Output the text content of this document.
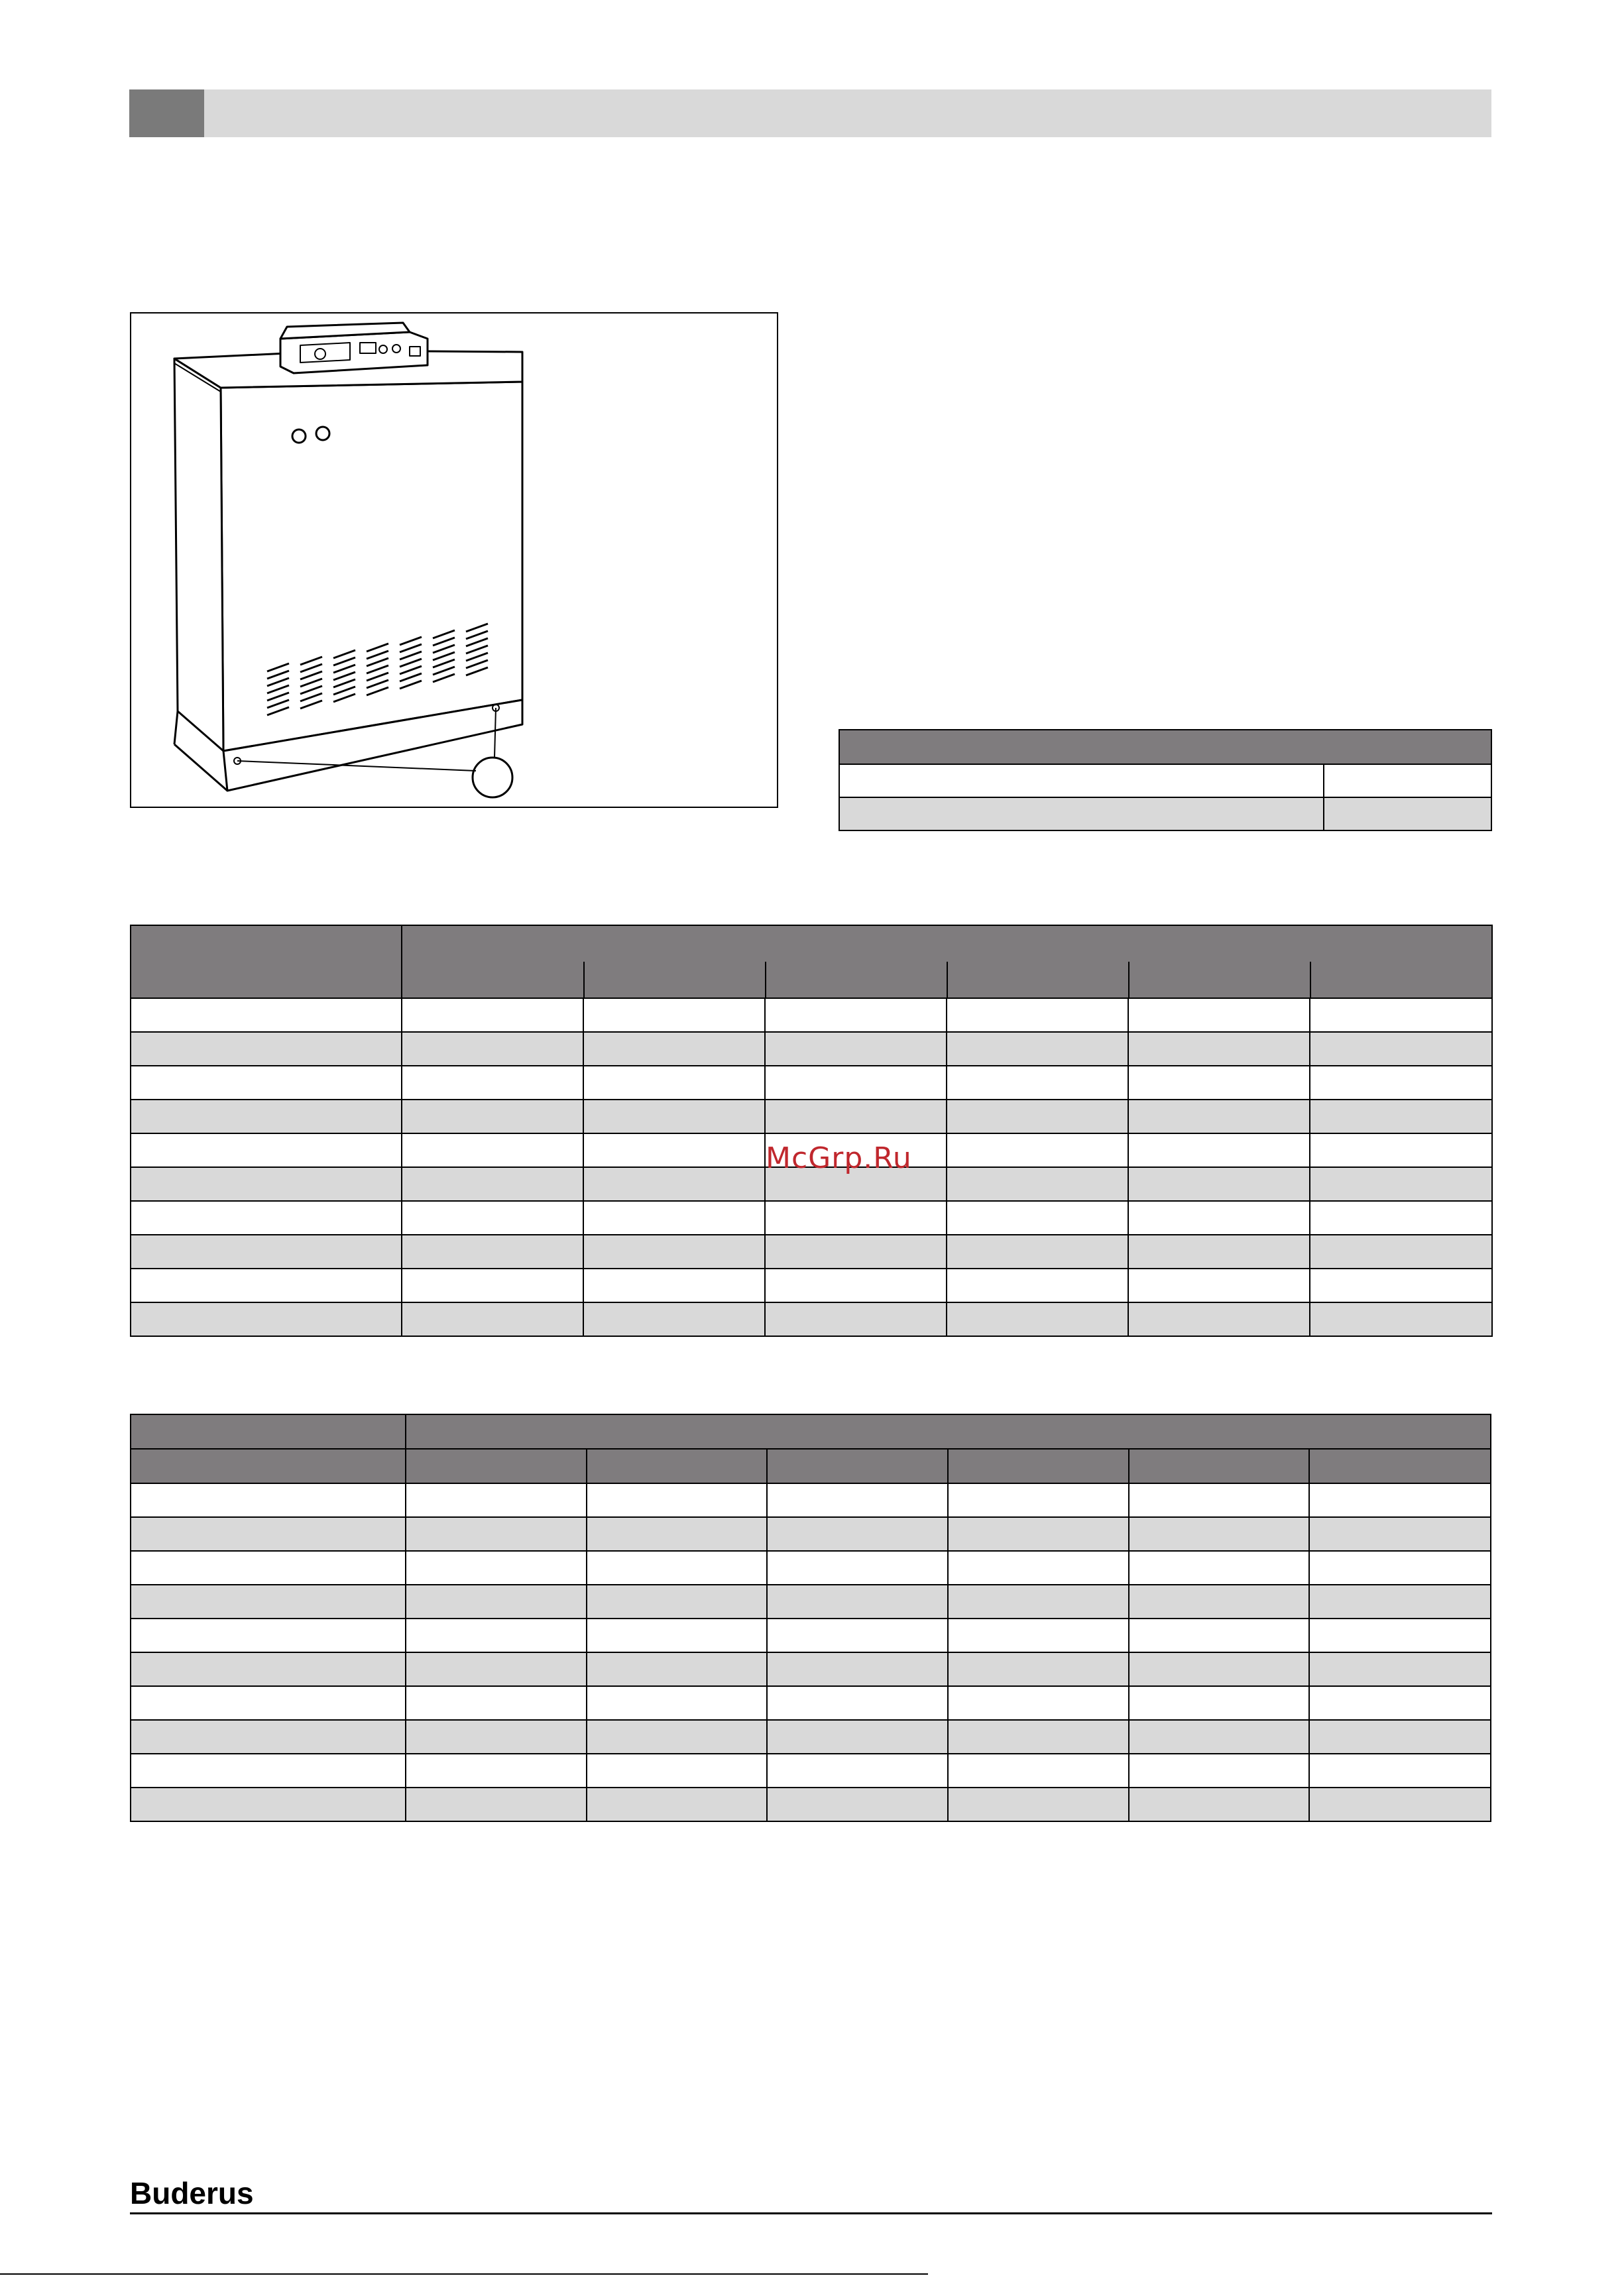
McGrp.Ru

Buderus
